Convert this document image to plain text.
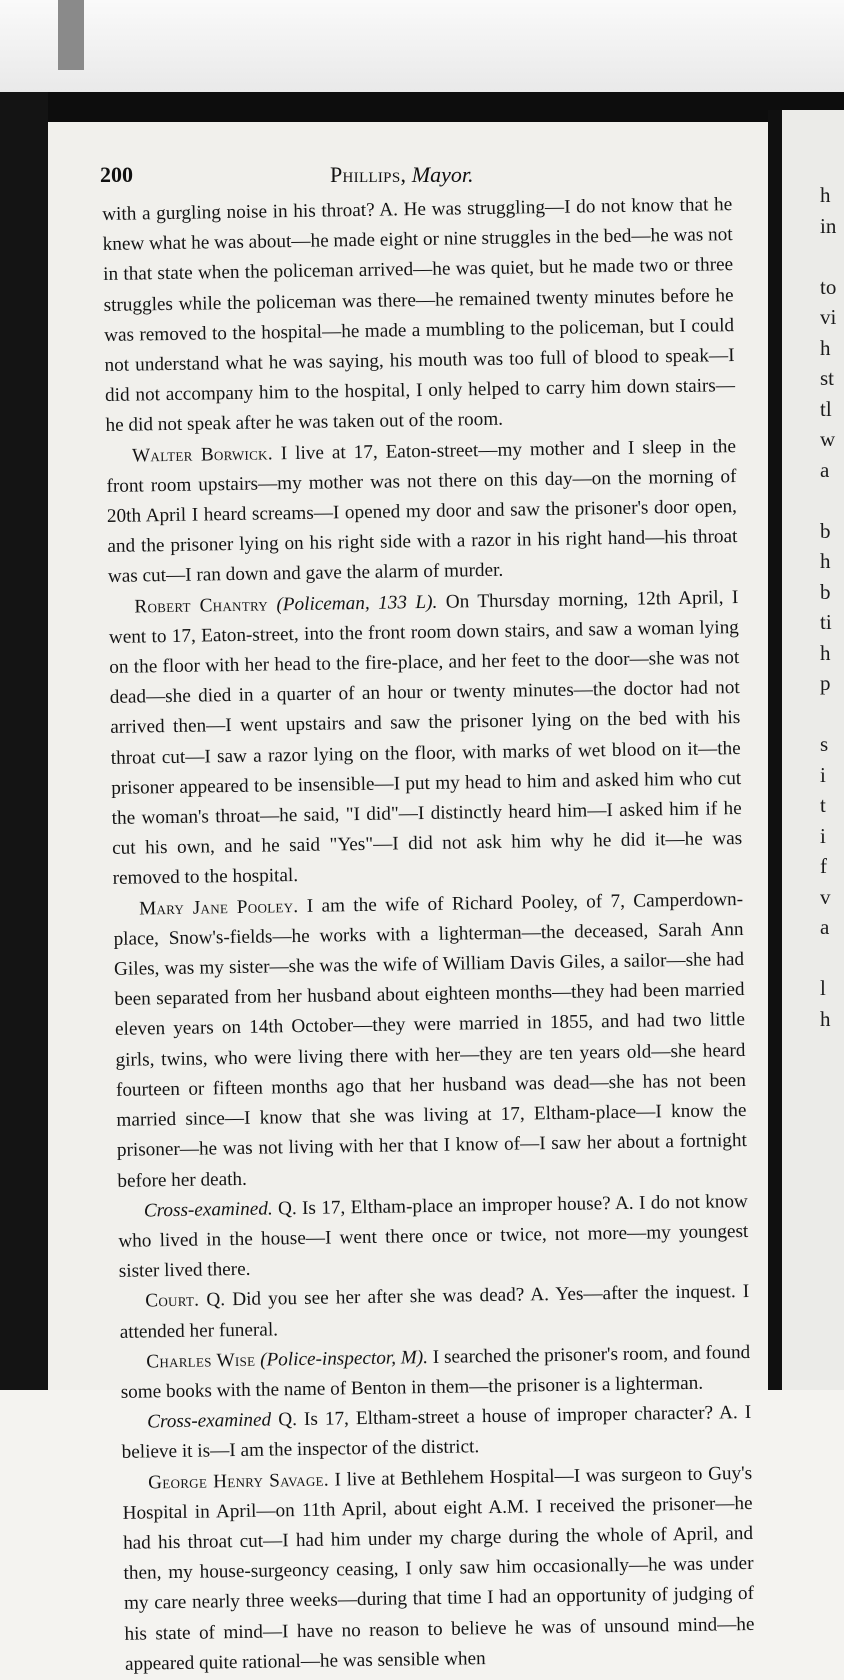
200	Phillips, Mayor.

with a gurgling noise in his throat? A. He was struggling—I do not know that he knew what he was about—he made eight or nine struggles in the bed—he was not in that state when the policeman arrived—he was quiet, but he made two or three struggles while the policeman was there—he remained twenty minutes before he was removed to the hospital—he made a mumbling to the policeman, but I could not understand what he was saying, his mouth was too full of blood to speak—I did not accompany him to the hospital, I only helped to carry him down stairs—he did not speak after he was taken out of the room.

Walter Borwick. I live at 17, Eaton-street—my mother and I sleep in the front room upstairs—my mother was not there on this day—on the morning of 20th April I heard screams—I opened my door and saw the prisoner's door open, and the prisoner lying on his right side with a razor in his right hand—his throat was cut—I ran down and gave the alarm of murder.

Robert Chantry (Policeman, 133 L). On Thursday morning, 12th April, I went to 17, Eaton-street, into the front room down stairs, and saw a woman lying on the floor with her head to the fire-place, and her feet to the door—she was not dead—she died in a quarter of an hour or twenty minutes—the doctor had not arrived then—I went upstairs and saw the prisoner lying on the bed with his throat cut—I saw a razor lying on the floor, with marks of wet blood on it—the prisoner appeared to be insensible—I put my head to him and asked him who cut the woman's throat—he said, "I did"—I distinctly heard him—I asked him if he cut his own, and he said "Yes"—I did not ask him why he did it—he was removed to the hospital.

Mary Jane Pooley. I am the wife of Richard Pooley, of 7, Camperdown-place, Snow's-fields—he works with a lighterman—the deceased, Sarah Ann Giles, was my sister—she was the wife of William Davis Giles, a sailor—she had been separated from her husband about eighteen months—they had been married eleven years on 14th October—they were married in 1855, and had two little girls, twins, who were living there with her—they are ten years old—she heard fourteen or fifteen months ago that her husband was dead—she has not been married since—I know that she was living at 17, Eltham-place—I know the prisoner—he was not living with her that I know of—I saw her about a fortnight before her death.

Cross-examined. Q. Is 17, Eltham-place an improper house? A. I do not know who lived in the house—I went there once or twice, not more—my youngest sister lived there.

Court. Q. Did you see her after she was dead? A. Yes—after the inquest. I attended her funeral.

Charles Wise (Police-inspector, M). I searched the prisoner's room, and found some books with the name of Benton in them—the prisoner is a lighterman.

Cross-examined Q. Is 17, Eltham-street a house of improper character? A. I believe it is—I am the inspector of the district.

George Henry Savage. I live at Bethlehem Hospital—I was surgeon to Guy's Hospital in April—on 11th April, about eight A.M. I received the prisoner—he had his throat cut—I had him under my charge during the whole of April, and then, my house-surgeoncy ceasing, I only saw him occasionally—he was under my care nearly three weeks—during that time I had an opportunity of judging of his state of mind—I have no reason to believe he was of unsound mind—he appeared quite rational—he was sensible when

h
in
to
vi
h
st
tl
w
a
b
h
b
ti
h
p
s
i
t
i
f
v
a
l
h
